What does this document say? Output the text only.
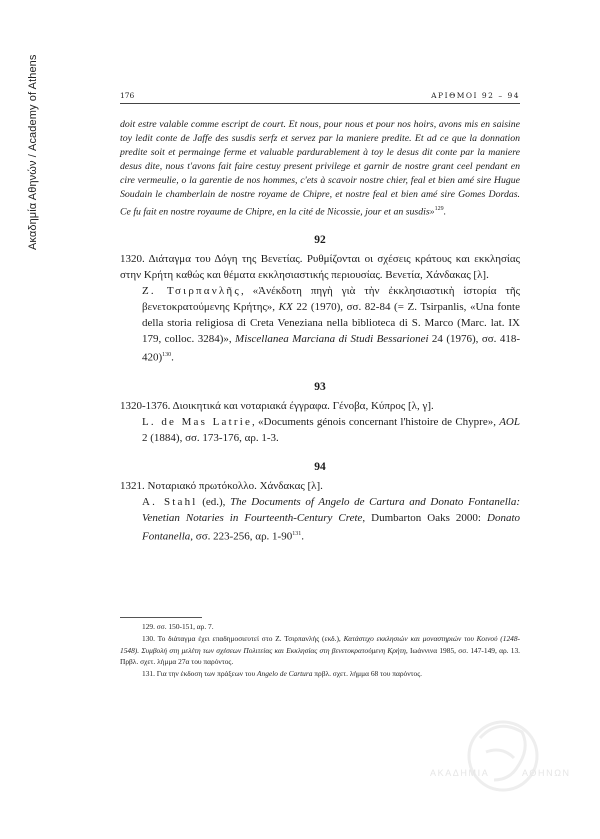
Ακαδημία Αθηνών / Academy of Athens	176	ΑΡΙΘΜΟΙ 92 – 94

doit estre valable comme escript de court. Et nous, pour nous et pour nos hoirs, avons mis en saisine toy ledit conte de Jaffe des susdis serfz et servez par la maniere predite. Et ad ce que la donnation predite soit et permainge ferme et valuable pardurablement à toy le desus dit conte par la maniere desus dite, nous t'avons fait faire cestuy present privilege et garnir de nostre grant ceel pendant en cire vermeulie, o la garentie de nos hommes, c'ets à scavoir nostre chier, feal et bien amé sire Hugue Soudain le chamberlain de nostre royame de Chipre, et nostre feal et bien amé sire Gomes Dordas. Ce fu fait en nostre royaume de Chipre, en la cité de Nicossie, jour et an susdis»$^{129}$.

92

1320. Διάταγμα του Δόγη της Βενετίας. Ρυθμίζονται οι σχέσεις κράτους και εκκλησίας στην Κρήτη καθώς και θέματα εκκλησιαστικής περιουσίας. Βενετία, Χάνδακας [λ].

Ζ. Τσιρπανλῆς, «Ἀνέκδοτη πηγὴ γιὰ τὴν ἐκκλησιαστικὴ ἱστορία τῆς βενετοκρατούμενης Κρήτης», ΚΧ 22 (1970), σσ. 82-84 (= Z. Tsirpanlis, «Una fonte della storia religiosa di Creta Veneziana nella biblioteca di S. Marco (Marc. lat. IX 179, colloc. 3284)», Miscellanea Marciana di Studi Bessarionei 24 (1976), σσ. 418-420)$^{130}$.

93

1320-1376. Διοικητικά και νοταριακά έγγραφα. Γένοβα, Κύπρος [λ, γ].

L. de Mas Latrie, «Documents génois concernant l'histoire de Chypre», AOL 2 (1884), σσ. 173-176, αρ. 1-3.

94

1321. Νοταριακό πρωτόκολλο. Χάνδακας [λ].

A. Stahl (ed.), The Documents of Angelo de Cartura and Donato Fontanella: Venetian Notaries in Fourteenth-Century Crete, Dumbarton Oaks 2000: Donato Fontanella, σσ. 223-256, αρ. $1-90^{131}$.

129. σσ. 150-151, αρ. 7.

130. Το διάταγμα έχει επαδημοσιευτεί στο Ζ. Τσιρπανλής (εκδ.), Κατάστιχο εκκλησιών και μοναστηριών του Κοινού (1248-1548). Συμβολή στη μελέτη των σχέσεων Πολιτείας και Εκκλησίας στη βενετοκρατούμενη Κρήτη, Ιωάννινα 1985, σσ. 147-149, αρ. 13. Πρβλ. σχετ. λήμμα 27α του παρόντος.

131. Για την έκδοση των πράξεων του Angelo de Cartura πρβλ. σχετ. λήμμα 68 του παρόντος.

ΑΚΑΔΗΜΙΑ	ΑΘΗΝΩΝ
